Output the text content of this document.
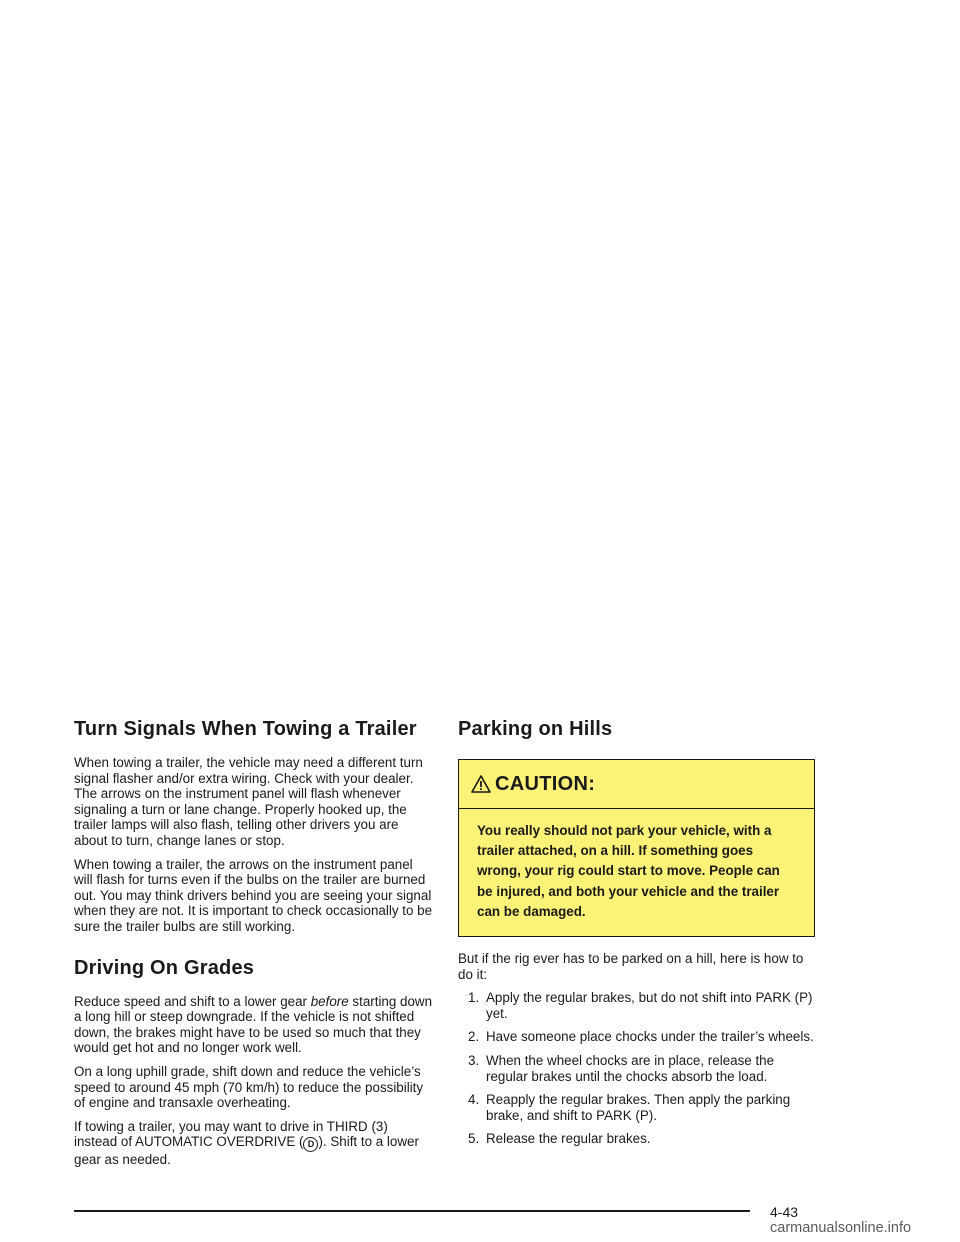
Turn Signals When Towing a Trailer

When towing a trailer, the vehicle may need a different turn signal flasher and/or extra wiring. Check with your dealer. The arrows on the instrument panel will flash whenever signaling a turn or lane change. Properly hooked up, the trailer lamps will also flash, telling other drivers you are about to turn, change lanes or stop.

When towing a trailer, the arrows on the instrument panel will flash for turns even if the bulbs on the trailer are burned out. You may think drivers behind you are seeing your signal when they are not. It is important to check occasionally to be sure the trailer bulbs are still working.

Driving On Grades

Reduce speed and shift to a lower gear before starting down a long hill or steep downgrade. If the vehicle is not shifted down, the brakes might have to be used so much that they would get hot and no longer work well.

On a long uphill grade, shift down and reduce the vehicle’s speed to around 45 mph (70 km/h) to reduce the possibility of engine and transaxle overheating.

If towing a trailer, you may want to drive in THIRD (3) instead of AUTOMATIC OVERDRIVE ( D ). Shift to a lower gear as needed.

Parking on Hills
CAUTION:
You really should not park your vehicle, with a trailer attached, on a hill. If something goes wrong, your rig could start to move. People can be injured, and both your vehicle and the trailer can be damaged.

But if the rig ever has to be parked on a hill, here is how to do it:

1. Apply the regular brakes, but do not shift into PARK (P) yet.
2. Have someone place chocks under the trailer’s wheels.
3. When the wheel chocks are in place, release the regular brakes until the chocks absorb the load.
4. Reapply the regular brakes. Then apply the parking brake, and shift to PARK (P).
5. Release the regular brakes.
4-43
carmanualsonline.info
